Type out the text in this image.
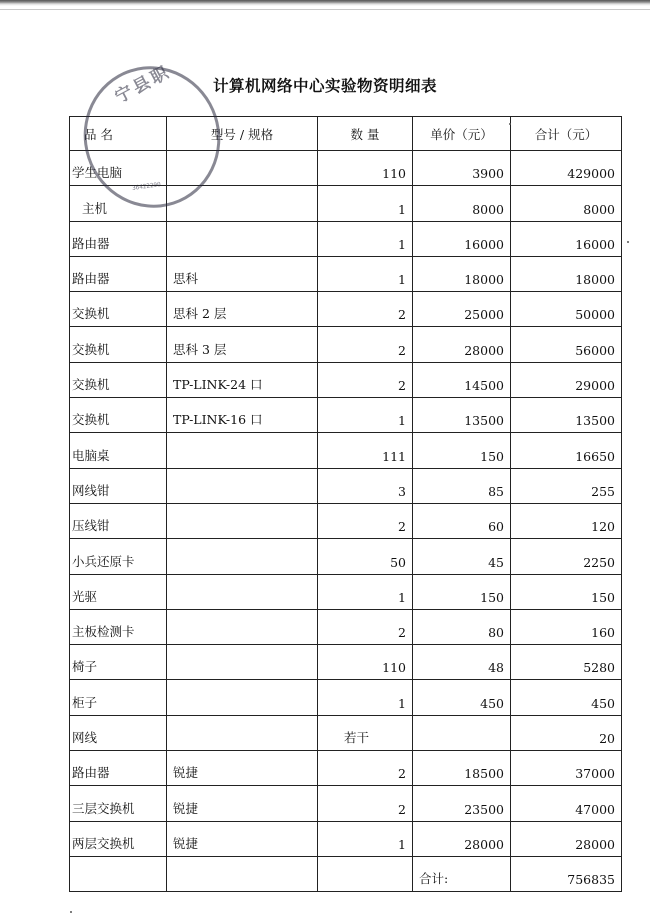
计算机网络中心实验物资明细表
品 名	型号 / 规格	数 量	单价（元）	合计（元）
学生电脑		110	3900	429000
主机		1	8000	8000
路由器		1	16000	16000
路由器	思科	1	18000	18000
交换机	思科 2 层	2	25000	50000
交换机	思科 3 层	2	28000	56000
交换机	TP-LINK-24 口	2	14500	29000
交换机	TP-LINK-16 口	1	13500	13500
电脑桌		111	150	16650
网线钳		3	85	255
压线钳		2	60	120
小兵还原卡		50	45	2250
光驱		1	150	150
主板检测卡		2	80	160
椅子		110	48	5280
柜子		1	450	450
网线		若干		20
路由器	锐捷	2	18500	37000
三层交换机	锐捷	2	23500	47000
两层交换机	锐捷	1	28000	28000
			合计:	756835
宁县职
36422200
